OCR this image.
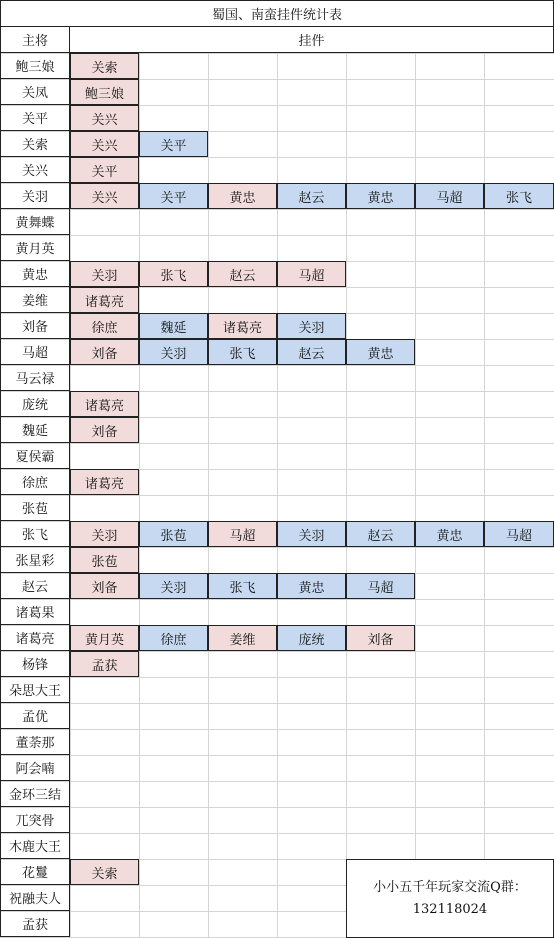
蜀国、南蛮挂件统计表
主将	挂件
鲍三娘	关索
关凤	鲍三娘
关平	关兴
关索	关兴	关平
关兴	关平
关羽	关兴	关平	黄忠	赵云	黄忠	马超	张飞
黄舞蝶
黄月英
黄忠	关羽	张飞	赵云	马超
姜维	诸葛亮
刘备	徐庶	魏延	诸葛亮	关羽
马超	刘备	关羽	张飞	赵云	黄忠
马云禄
庞统	诸葛亮
魏延	刘备
夏侯霸
徐庶	诸葛亮
张苞
张飞	关羽	张苞	马超	关羽	赵云	黄忠	马超
张星彩	张苞
赵云	刘备	关羽	张飞	黄忠	马超
诸葛果
诸葛亮	黄月英	徐庶	姜维	庞统	刘备
杨锋	孟获
朵思大王
孟优
董荼那
阿会喃
金环三结
兀突骨
木鹿大王
花鬘	关索
祝融夫人
孟获
小小五千年玩家交流Q群：
132118024
